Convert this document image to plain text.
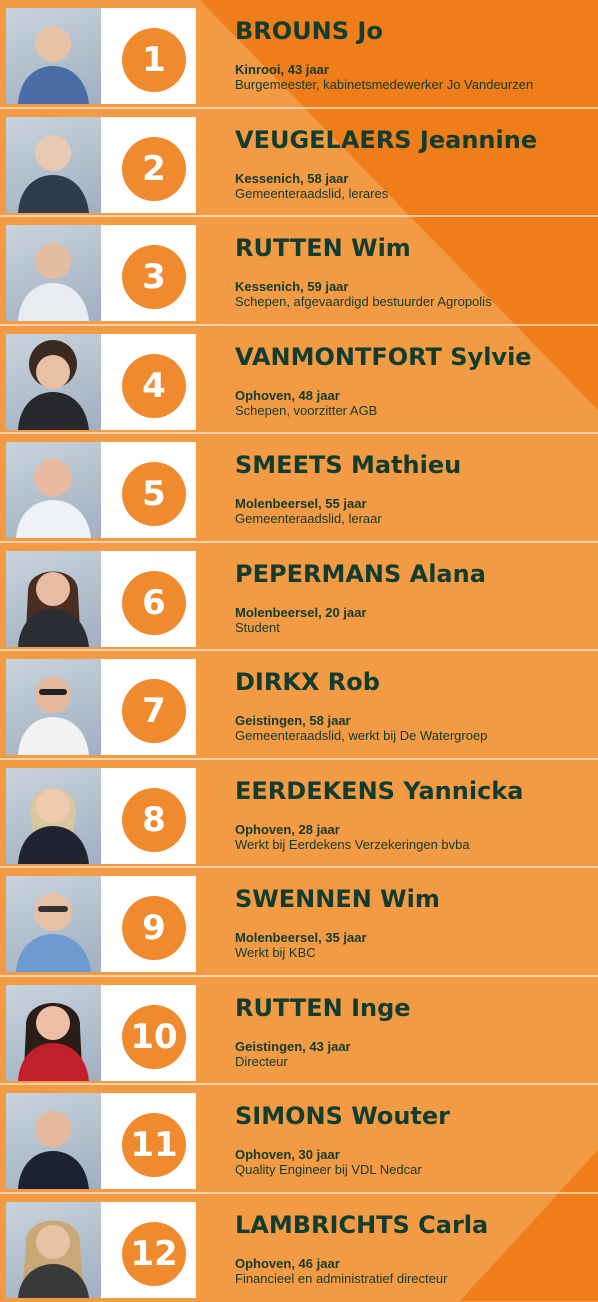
1
BROUNS Jo
Kinrooi, 43 jaar
Burgemeester, kabinetsmedewerker Jo Vandeurzen
2
VEUGELAERS Jeannine
Kessenich, 58 jaar
Gemeenteraadslid, lerares
3
RUTTEN Wim
Kessenich, 59 jaar
Schepen, afgevaardigd bestuurder Agropolis
4
VANMONTFORT Sylvie
Ophoven, 48 jaar
Schepen, voorzitter AGB
5
SMEETS Mathieu
Molenbeersel, 55 jaar
Gemeenteraadslid, leraar
6
PEPERMANS Alana
Molenbeersel, 20 jaar
Student
7
DIRKX Rob
Geistingen, 58 jaar
Gemeenteraadslid, werkt bij De Watergroep
8
EERDEKENS Yannicka
Ophoven, 28 jaar
Werkt bij Eerdekens Verzekeringen bvba
9
SWENNEN Wim
Molenbeersel, 35 jaar
Werkt bij KBC
10
RUTTEN Inge
Geistingen, 43 jaar
Directeur
11
SIMONS Wouter
Ophoven, 30 jaar
Quality Engineer bij VDL Nedcar
12
LAMBRICHTS Carla
Ophoven, 46 jaar
Financieel en administratief directeur
